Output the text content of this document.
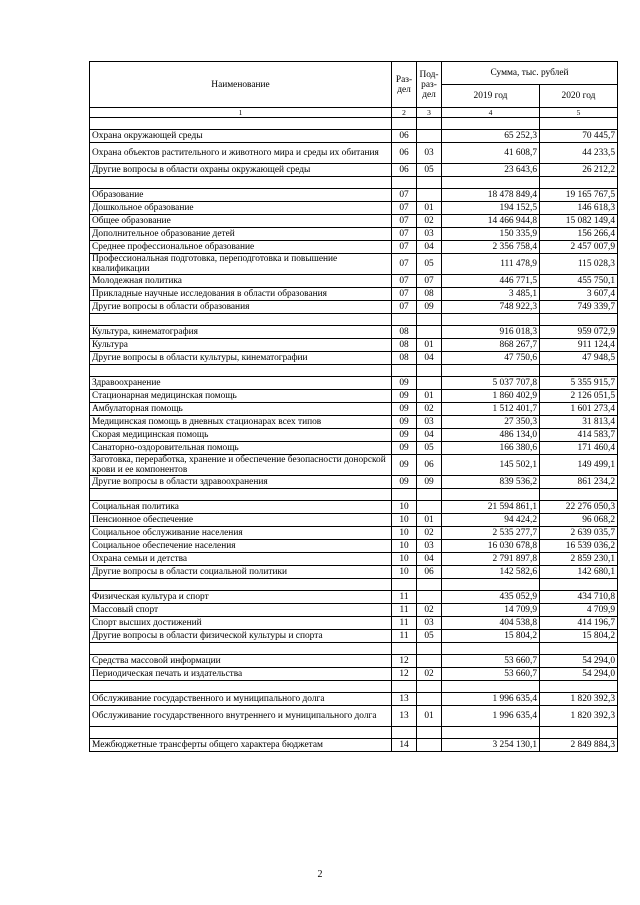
Наименование	Раз-дел	Под-раз-дел	Сумма, тыс. рублей	
			2019 год	2020 год
1	2	3	4	5

Охрана окружающей среды	06		65 252,3	70 445,7
Охрана объектов растительного и животного мира и среды их обитания	06	03	41 608,7	44 233,5
Другие вопросы в области охраны окружающей среды	06	05	23 643,6	26 212,2

Образование	07		18 478 849,4	19 165 767,5
Дошкольное образование	07	01	194 152,5	146 618,3
Общее образование	07	02	14 466 944,8	15 082 149,4
Дополнительное образование детей	07	03	150 335,9	156 266,4
Среднее профессиональное образование	07	04	2 356 758,4	2 457 007,9
Профессиональная подготовка, переподготовка и повышение квалификации	07	05	111 478,9	115 028,3
Молодежная политика	07	07	446 771,5	455 750,1
Прикладные научные исследования в области образования	07	08	3 485,1	3 607,4
Другие вопросы в области образования	07	09	748 922,3	749 339,7

Культура, кинематография	08		916 018,3	959 072,9
Культура	08	01	868 267,7	911 124,4
Другие вопросы в области культуры, кинематографии	08	04	47 750,6	47 948,5

Здравоохранение	09		5 037 707,8	5 355 915,7
Стационарная медицинская помощь	09	01	1 860 402,9	2 126 051,5
Амбулаторная помощь	09	02	1 512 401,7	1 601 273,4
Медицинская помощь в дневных стационарах всех типов	09	03	27 350,3	31 813,4
Скорая медицинская помощь	09	04	486 134,0	414 583,7
Санаторно-оздоровительная помощь	09	05	166 380,6	171 460,4
Заготовка, переработка, хранение и обеспечение безопасности донорской крови и ее компонентов	09	06	145 502,1	149 499,1
Другие вопросы в области здравоохранения	09	09	839 536,2	861 234,2

Социальная политика	10		21 594 861,1	22 276 050,3
Пенсионное обеспечение	10	01	94 424,2	96 068,2
Социальное обслуживание населения	10	02	2 535 277,7	2 639 035,7
Социальное обеспечение населения	10	03	16 030 678,8	16 539 036,2
Охрана семьи и детства	10	04	2 791 897,8	2 859 230,1
Другие вопросы в области социальной политики	10	06	142 582,6	142 680,1

Физическая культура и спорт	11		435 052,9	434 710,8
Массовый спорт	11	02	14 709,9	4 709,9
Спорт высших достижений	11	03	404 538,8	414 196,7
Другие вопросы в области физической культуры и спорта	11	05	15 804,2	15 804,2

Средства массовой информации	12		53 660,7	54 294,0
Периодическая печать и издательства	12	02	53 660,7	54 294,0

Обслуживание государственного и муниципального долга	13		1 996 635,4	1 820 392,3
Обслуживание государственного внутреннего и муниципального долга	13	01	1 996 635,4	1 820 392,3

Межбюджетные трансферты общего характера бюджетам	14		3 254 130,1	2 849 884,3
2
